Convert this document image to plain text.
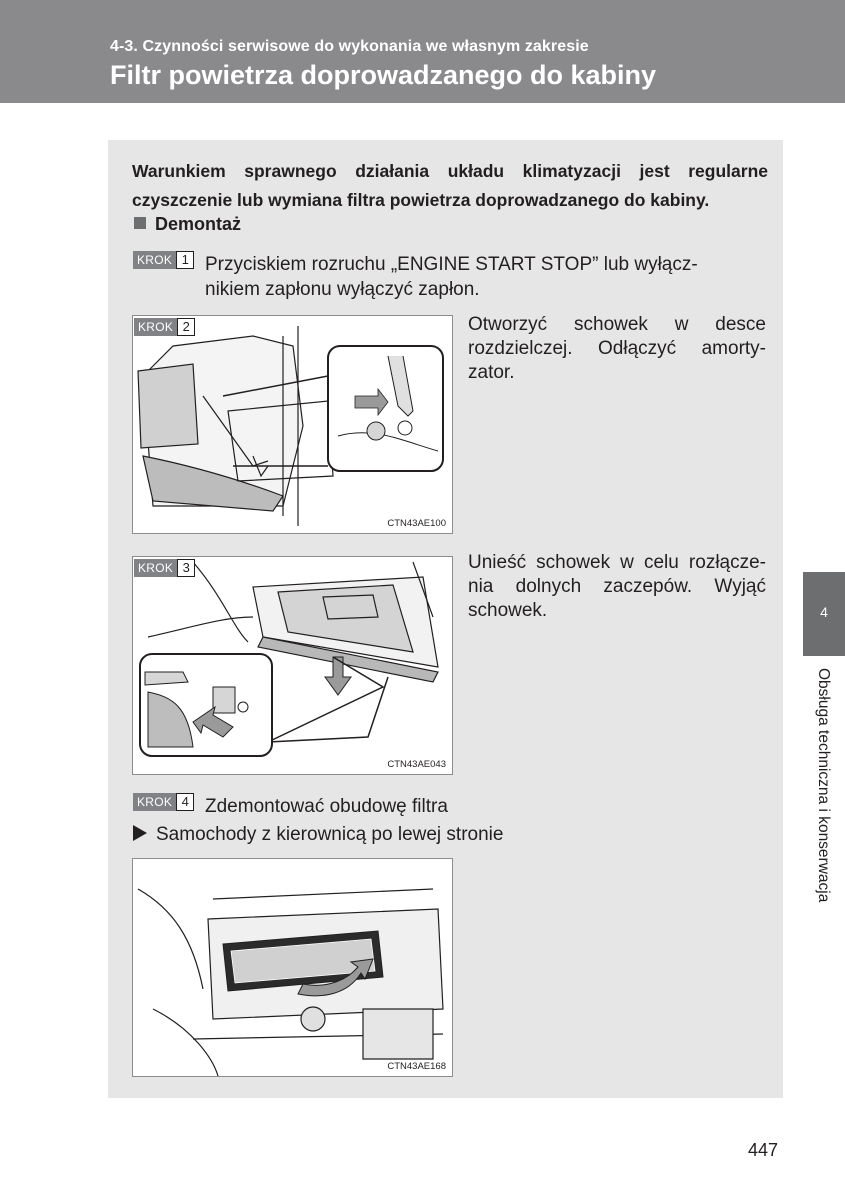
4-3. Czynności serwisowe do wykonania we własnym zakresie
Filtr powietrza doprowadzanego do kabiny
Warunkiem sprawnego działania układu klimatyzacji jest regularne czyszczenie lub wymiana filtra powietrza doprowadzanego do kabiny.
Demontaż
KROK 1 Przyciskiem rozruchu „ENGINE START STOP” lub wyłącz-
nikiem zapłonu wyłączyć zapłon.
KROK 2
CTN43AE100
Otworzyć schowek w desce
rozdzielczej. Odłączyć amorty-
zator.
KROK 3
CTN43AE043
Unieść schowek w celu rozłącze-
nia dolnych zaczepów. Wyjąć
schowek.
KROK 4 Zdemontować obudowę filtra
Samochody z kierownicą po lewej stronie
CTN43AE168
4
Obsługa techniczna i konserwacja
447
